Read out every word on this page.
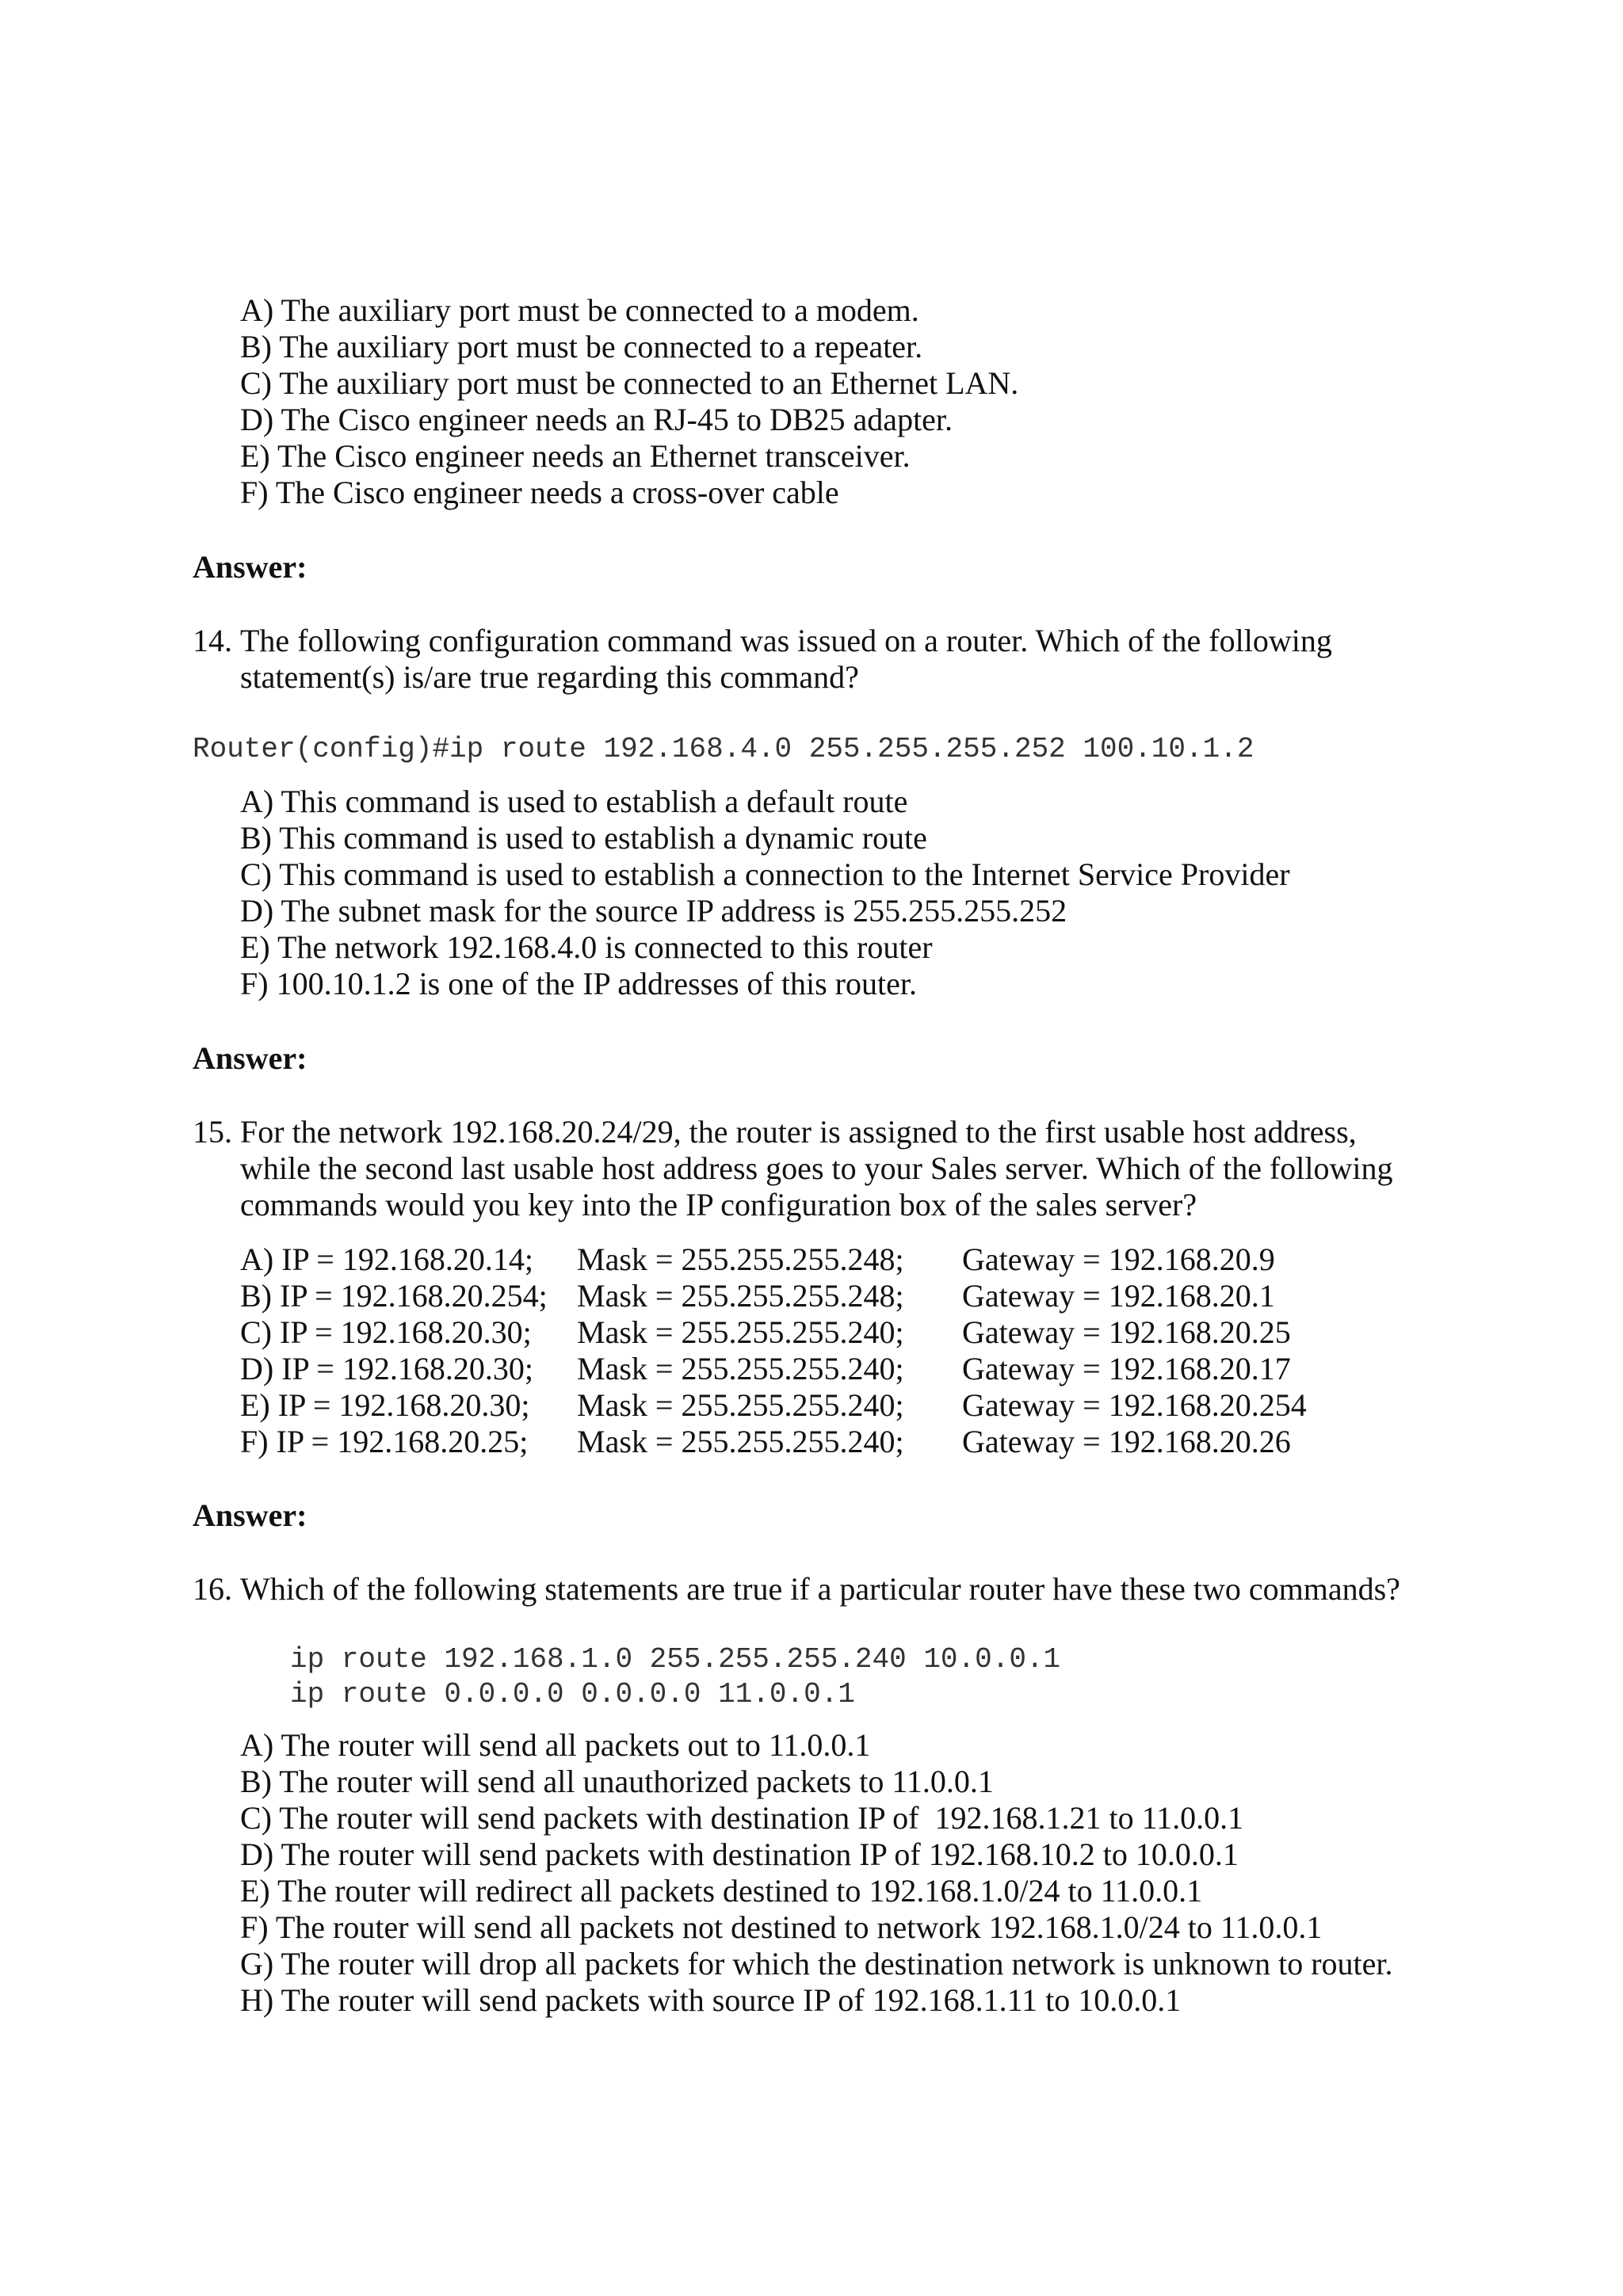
A) The auxiliary port must be connected to a modem.
B) The auxiliary port must be connected to a repeater.
C) The auxiliary port must be connected to an Ethernet LAN.
D) The Cisco engineer needs an RJ-45 to DB25 adapter.
E) The Cisco engineer needs an Ethernet transceiver.
F) The Cisco engineer needs a cross-over cable
Answer:
14. The following configuration command was issued on a router. Which of the following
statement(s) is/are true regarding this command?
Router(config)#ip route 192.168.4.0 255.255.255.252 100.10.1.2
A) This command is used to establish a default route
B) This command is used to establish a dynamic route
C) This command is used to establish a connection to the Internet Service Provider
D) The subnet mask for the source IP address is 255.255.255.252
E) The network 192.168.4.0 is connected to this router
F) 100.10.1.2 is one of the IP addresses of this router.
Answer:
15. For the network 192.168.20.24/29, the router is assigned to the first usable host address,
while the second last usable host address goes to your Sales server. Which of the following
commands would you key into the IP configuration box of the sales server?
A) IP = 192.168.20.14; Mask = 255.255.255.248; Gateway = 192.168.20.9
B) IP = 192.168.20.254; Mask = 255.255.255.248; Gateway = 192.168.20.1
C) IP = 192.168.20.30; Mask = 255.255.255.240; Gateway = 192.168.20.25
D) IP = 192.168.20.30; Mask = 255.255.255.240; Gateway = 192.168.20.17
E) IP = 192.168.20.30; Mask = 255.255.255.240; Gateway = 192.168.20.254
F) IP = 192.168.20.25; Mask = 255.255.255.240; Gateway = 192.168.20.26
Answer:
16. Which of the following statements are true if a particular router have these two commands?
ip route 192.168.1.0 255.255.255.240 10.0.0.1
ip route 0.0.0.0 0.0.0.0 11.0.0.1
A) The router will send all packets out to 11.0.0.1
B) The router will send all unauthorized packets to 11.0.0.1
C) The router will send packets with destination IP of  192.168.1.21 to 11.0.0.1
D) The router will send packets with destination IP of 192.168.10.2 to 10.0.0.1
E) The router will redirect all packets destined to 192.168.1.0/24 to 11.0.0.1
F) The router will send all packets not destined to network 192.168.1.0/24 to 11.0.0.1
G) The router will drop all packets for which the destination network is unknown to router.
H) The router will send packets with source IP of 192.168.1.11 to 10.0.0.1
